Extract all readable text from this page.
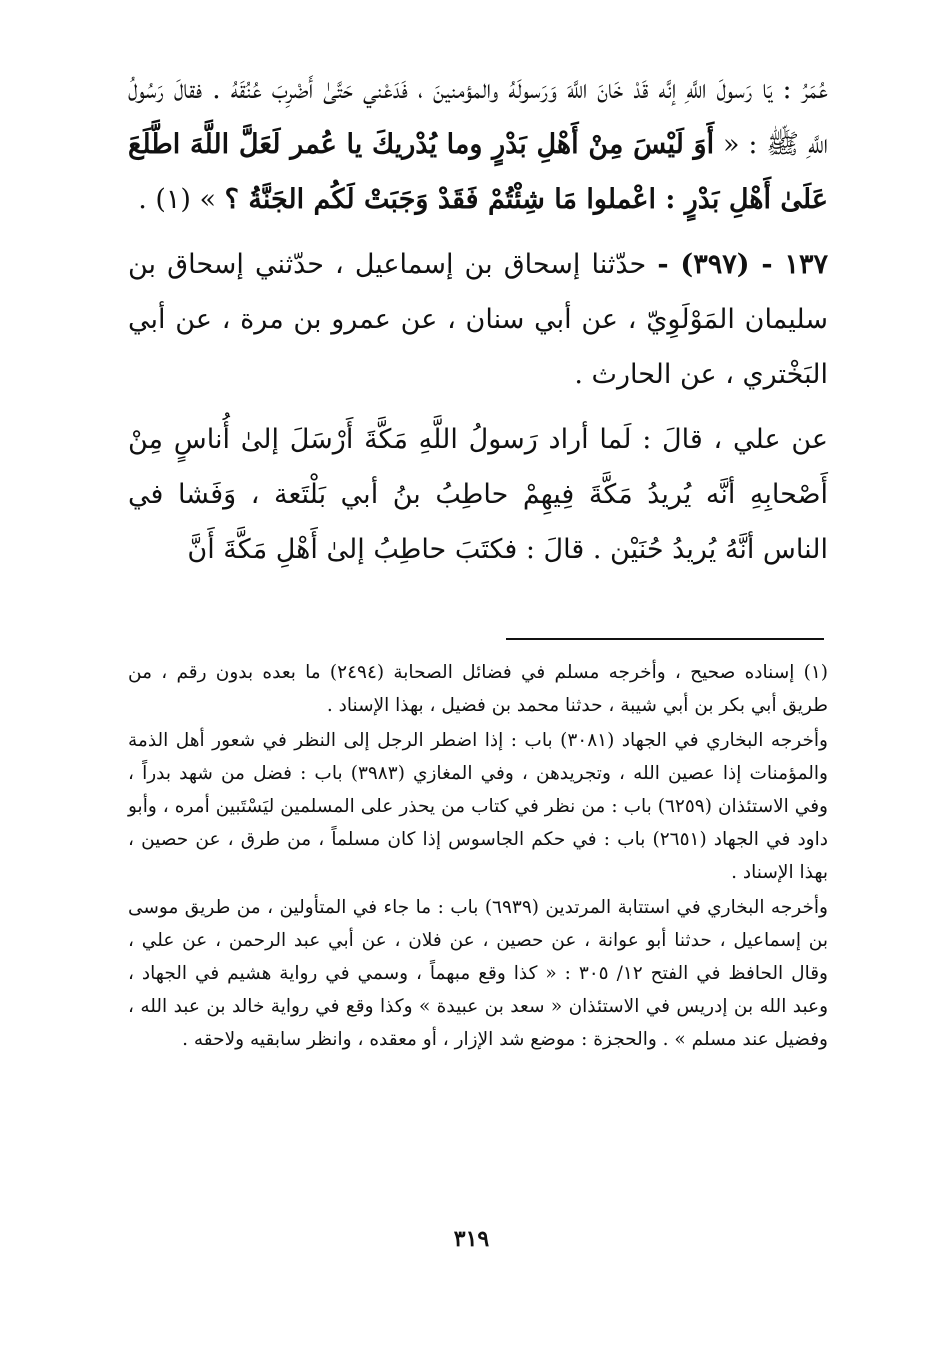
عُمَرُ : يَا رَسولَ اللَّهِ إنَّه قَدْ خَانَ اللَّهَ وَرَسولَهُ والمؤمنينَ ، فَدَعْني حَتَّىٰ أَضْرِبَ عُنُقَهُ . فقالَ رَسُولُ اللَّهِ ﷺ : « أَوَ لَيْسَ مِنْ أَهْلِ بَدْرٍ وما يُدْريكَ يا عُمر لَعَلَّ اللَّهَ اطَّلَعَ عَلَىٰ أَهْلِ بَدْرٍ : اعْملوا مَا شِئْتُمْ فَقَدْ وَجَبَتْ لَكُم الجَنَّةُ ؟ » (١) .

١٣٧ - (٣٩٧) - حدّثنا إسحاق بن إسماعيل ، حدّثني إسحاق بن سليمان المَوْلَوِيّ ، عن أبي سنان ، عن عمرو بن مرة ، عن أبي البَخْتري ، عن الحارث .

عن علي ، قالَ : لَما أراد رَسولُ اللَّهِ مَكَّةَ أَرْسَلَ إلىٰ أُناسٍ مِنْ أَصْحابِهِ أنَّه يُريدُ مَكَّةَ فِيهِمْ حاطِبُ بنُ أبي بَلْتَعة ، وَفَشا في الناس أنَّهُ يُريدُ حُنَيْن . قالَ : فكتَبَ حاطِبُ إلىٰ أَهْلِ مَكَّةَ أَنَّ

(١) إسناده صحيح ، وأخرجه مسلم في فضائل الصحابة (٢٤٩٤) ما بعده بدون رقم ، من طريق أبي بكر بن أبي شيبة ، حدثنا محمد بن فضيل ، بهذا الإسناد .

وأخرجه البخاري في الجهاد (٣٠٨١) باب : إذا اضطر الرجل إلى النظر في شعور أهل الذمة والمؤمنات إذا عصين الله ، وتجريدهن ، وفي المغازي (٣٩٨٣) باب : فضل من شهد بدراً ، وفي الاستئذان (٦٢٥٩) باب : من نظر في كتاب من يحذر على المسلمين ليَسْتَبين أمره ، وأبو داود في الجهاد (٢٦٥١) باب : في حكم الجاسوس إذا كان مسلماً ، من طرق ، عن حصين ، بهذا الإسناد .

وأخرجه البخاري في استتابة المرتدين (٦٩٣٩) باب : ما جاء في المتأولين ، من طريق موسى بن إسماعيل ، حدثنا أبو عوانة ، عن حصين ، عن فلان ، عن أبي عبد الرحمن ، عن علي ، وقال الحافظ في الفتح ١٢/ ٣٠٥ : « كذا وقع مبهماً ، وسمي في رواية هشيم في الجهاد ، وعبد الله بن إدريس في الاستئذان « سعد بن عبيدة » وكذا وقع في رواية خالد بن عبد الله ، وفضيل عند مسلم » . والحجزة : موضع شد الإزار ، أو معقده ، وانظر سابقيه ولاحقه .

٣١٩
